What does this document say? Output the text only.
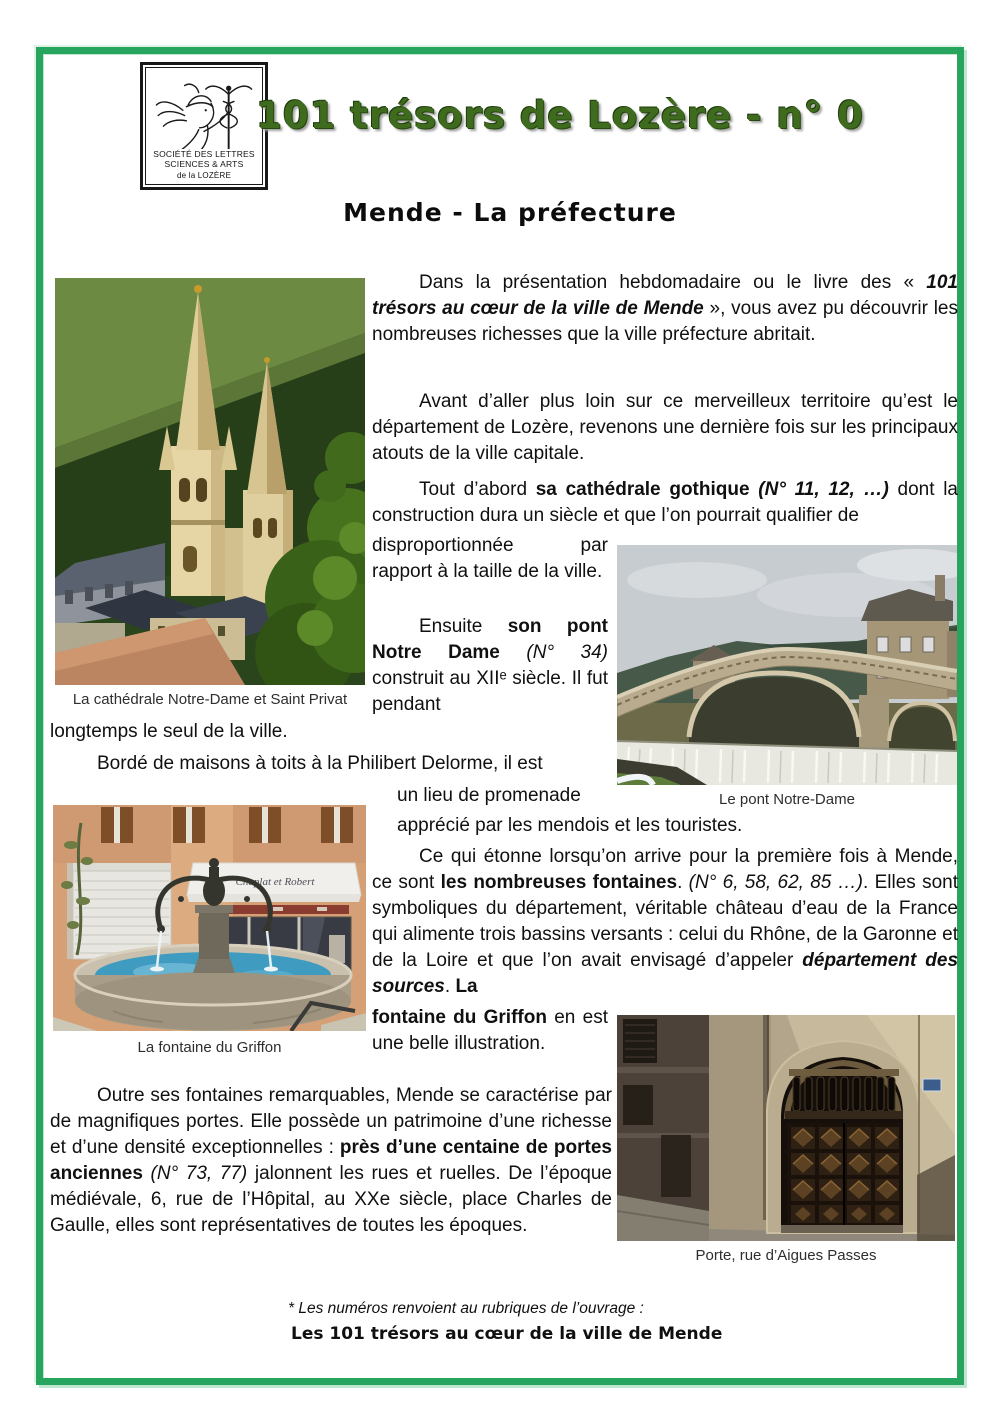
SOCIÉTÉ DES LETTRES
SCIENCES & ARTS
de la LOZÈRE
101 trésors de Lozère - n° 0
Mende - La préfecture
La cathédrale Notre-Dame et Saint Privat
Le pont Notre-Dame
Chaplat et Robert
La fontaine du Griffon
Porte, rue d’Aigues Passes
Dans la présentation hebdomadaire ou le livre des « 101 trésors au cœur de la ville de Mende », vous avez pu découvrir les nombreuses richesses que la ville préfecture abritait.
Avant d’aller plus loin sur ce merveilleux territoire qu’est le département de Lozère, revenons une dernière fois sur les principaux atouts de la ville capitale.
Tout d’abord sa cathédrale gothique (N° 11, 12, …) dont la construction dura un siècle et que l’on pourrait qualifier de
disproportionnée par rapport à la taille de la ville.
Ensuite son pont Notre Dame (N° 34) construit au XIIᵉ siècle. Il fut pendant
longtemps le seul de la ville.
Bordé de maisons à toits à la Philibert Delorme, il est
un lieu de promenade
apprécié par les mendois et les touristes.
Ce qui étonne lorsqu’on arrive pour la première fois à Mende, ce sont les nombreuses fontaines. (N° 6, 58, 62, 85 …). Elles sont symboliques du département, véritable château d’eau de la France qui alimente trois bassins versants : celui du Rhône, de la Garonne et de la Loire et que l’on avait envisagé d’appeler département des sources. La
fontaine du Griffon en est une belle illustration.
Outre ses fontaines remarquables, Mende se caractérise par de magnifiques portes. Elle possède un patrimoine d’une richesse et d’une densité exceptionnelles : près d’une centaine de portes anciennes (N° 73, 77) jalonnent les rues et ruelles. De l’époque médiévale, 6, rue de l’Hôpital, au XXe siècle, place Charles de Gaulle, elles sont représentatives de toutes les époques.
* Les numéros renvoient au rubriques de l’ouvrage :
Les 101 trésors au cœur de la ville de Mende
